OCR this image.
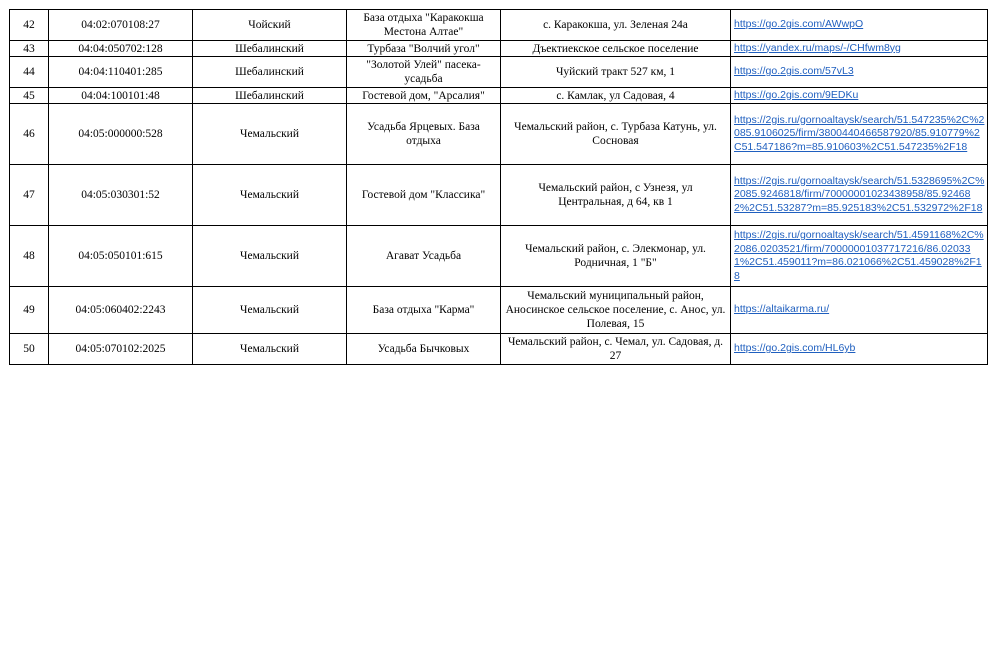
42	04:02:070108:27	Чойский	База отдыха "Каракокша Местона Алтае"	с. Каракокша, ул. Зеленая 24а	https://go.2gis.com/AWwpO
43	04:04:050702:128	Шебалинский	Турбаза "Волчий угол"	Дъектиекское сельское поселение	https://yandex.ru/maps/-/CHfwm8yg
44	04:04:110401:285	Шебалинский	"Золотой Улей" пасека-усадьба	Чуйский тракт 527 км, 1	https://go.2gis.com/57vL3
45	04:04:100101:48	Шебалинский	Гостевой дом, "Арсалия"	с. Камлак, ул Садовая, 4	https://go.2gis.com/9EDKu
46	04:05:000000:528	Чемальский	Усадьба Ярцевых. База отдыха	Чемальский район, с. Турбаза Катунь, ул. Сосновая	https://2gis.ru/gornoaltaysk/search/51.547235%2C%2085.9106025/firm/3800440466587920/85.910779%2C51.547186?m=85.910603%2C51.547235%2F18
47	04:05:030301:52	Чемальский	Гостевой дом "Классика"	Чемальский район, с Узнезя, ул Центральная, д 64, кв 1	https://2gis.ru/gornoaltaysk/search/51.5328695%2C%2085.9246818/firm/70000001023438958/85.924682%2C51.53287?m=85.925183%2C51.532972%2F18
48	04:05:050101:615	Чемальский	Агават Усадьба	Чемальский район, с. Элекмонар, ул. Родничная, 1 "Б"	https://2gis.ru/gornoaltaysk/search/51.4591168%2C%2086.0203521/firm/70000001037717216/86.020331%2C51.459011?m=86.021066%2C51.459028%2F18
49	04:05:060402:2243	Чемальский	База отдыха "Карма"	Чемальский муниципальный район, Аносинское сельское поселение, с. Анос, ул. Полевая, 15	https://altaikarma.ru/
50	04:05:070102:2025	Чемальский	Усадьба Бычковых	Чемальский район, с. Чемал, ул. Садовая, д. 27	https://go.2gis.com/HL6yb
